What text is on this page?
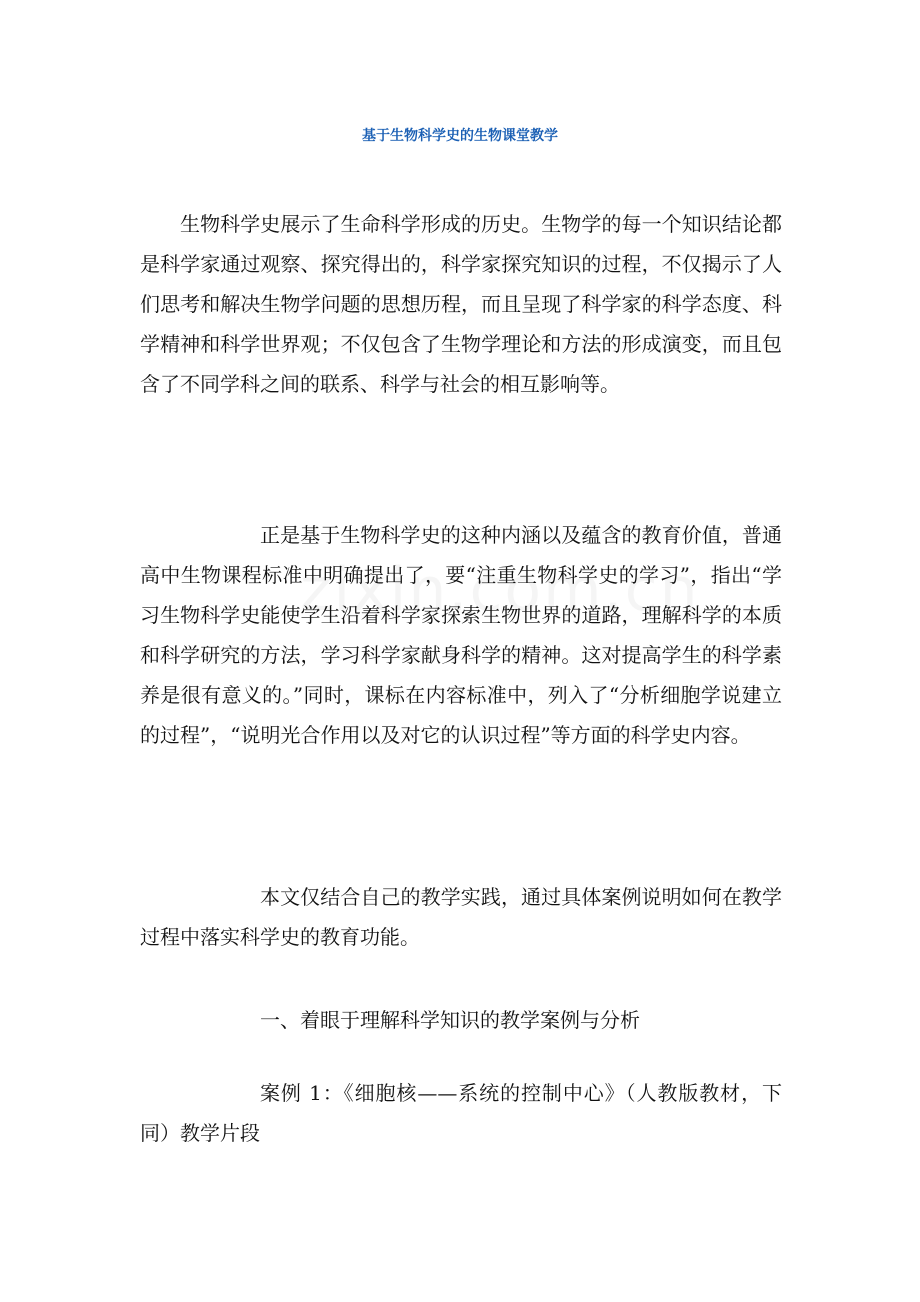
基于生物科学史的生物课堂教学

生物科学史展示了生命科学形成的历史。生物学的每一个知识结论都是科学家通过观察、探究得出的，科学家探究知识的过程，不仅揭示了人们思考和解决生物学问题的思想历程，而且呈现了科学家的科学态度、科学精神和科学世界观；不仅包含了生物学理论和方法的形成演变，而且包含了不同学科之间的联系、科学与社会的相互影响等。

正是基于生物科学史的这种内涵以及蕴含的教育价值，普通高中生物课程标准中明确提出了，要“注重生物科学史的学习”，指出“学习生物科学史能使学生沿着科学家探索生物世界的道路，理解科学的本质和科学研究的方法，学习科学家献身科学的精神。这对提高学生的科学素养是很有意义的。”同时，课标在内容标准中，列入了“分析细胞学说建立的过程”，“说明光合作用以及对它的认识过程”等方面的科学史内容。

本文仅结合自己的教学实践，通过具体案例说明如何在教学过程中落实科学史的教育功能。

一、着眼于理解科学知识的教学案例与分析

案例 1：《细胞核——系统的控制中心》（人教版教材，下同）教学片段
